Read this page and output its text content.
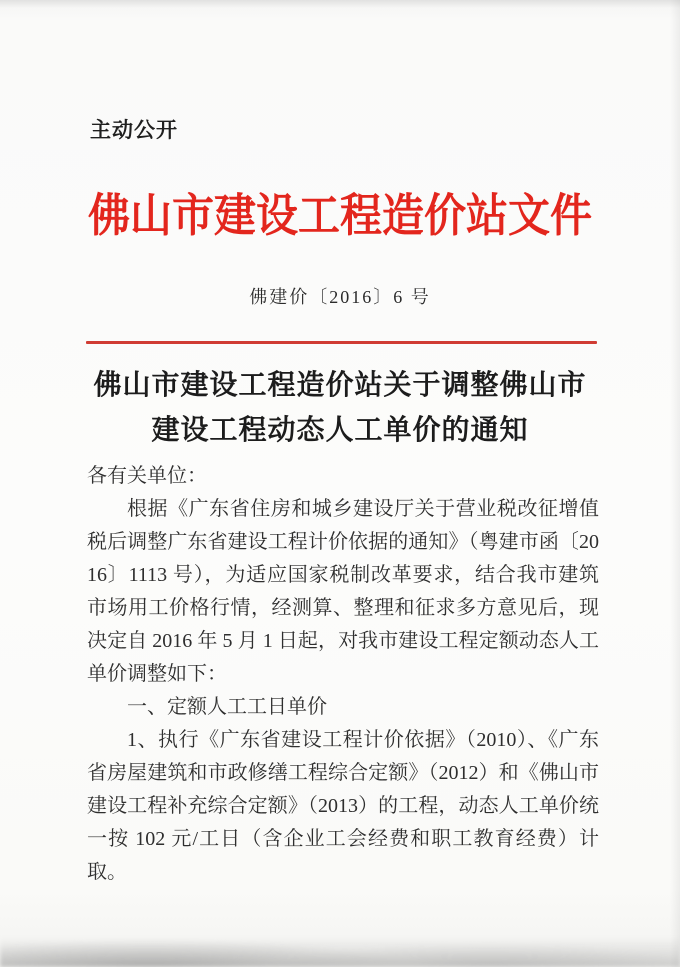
主动公开
佛山市建设工程造价站文件
佛建价〔2016〕6 号
佛山市建设工程造价站关于调整佛山市
建设工程动态人工单价的通知

各有关单位：

根据《广东省住房和城乡建设厅关于营业税改征增值税后调整广东省建设工程计价依据的通知》（粤建市函〔2016〕1113 号），为适应国家税制改革要求，结合我市建筑市场用工价格行情，经测算、整理和征求多方意见后，现决定自 2016 年 5 月 1 日起，对我市建设工程定额动态人工单价调整如下：

一、定额人工工日单价

1、执行《广东省建设工程计价依据》（2010）、《广东省房屋建筑和市政修缮工程综合定额》（2012）和《佛山市建设工程补充综合定额》（2013）的工程，动态人工单价统一按 102 元/工日（含企业工会经费和职工教育经费）计取。
